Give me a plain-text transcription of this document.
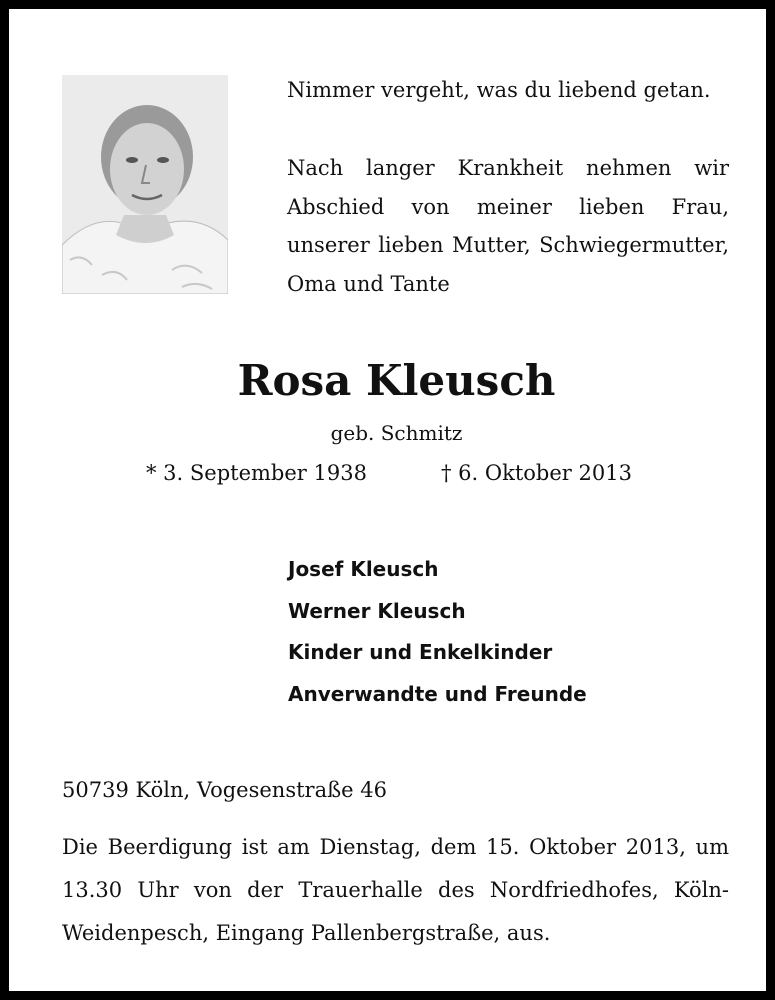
Nimmer vergeht, was du liebend getan.
Nach langer Krankheit nehmen wir Abschied von meiner lieben Frau, unserer lieben Mutter, Schwiegermutter, Oma und Tante
Rosa Kleusch
geb. Schmitz
* 3. September 1938	† 6. Oktober 2013
Josef Kleusch
Werner Kleusch
Kinder und Enkelkinder
Anverwandte und Freunde
50739 Köln, Vogesenstraße 46
Die Beerdigung ist am Dienstag, dem 15. Oktober 2013, um 13.30 Uhr von der Trauerhalle des Nordfriedhofes, Köln-Weidenpesch, Eingang Pallenbergstraße, aus.
